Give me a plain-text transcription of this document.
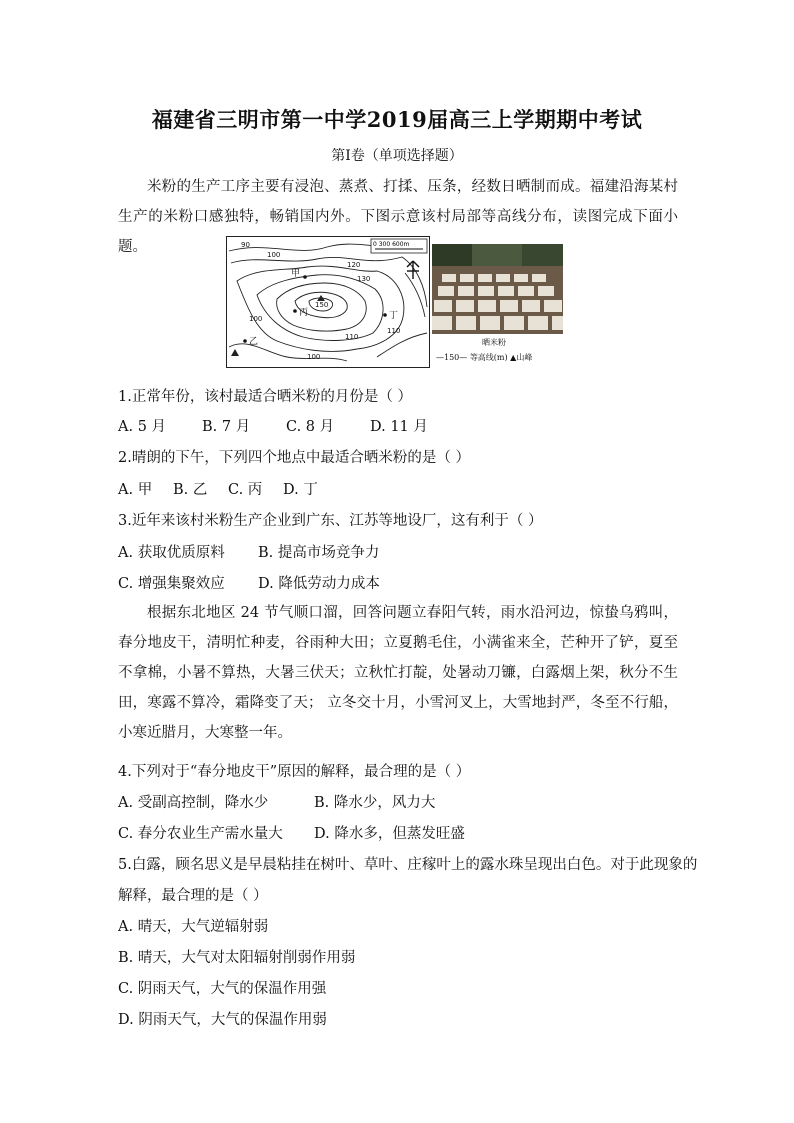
福建省三明市第一中学2019届高三上学期期中考试
第Ⅰ卷（单项选择题）
米粉的生产工序主要有浸泡、蒸煮、打揉、压条，经数日晒制而成。福建沿海某村生产的米粉口感独特，畅销国内外。下图示意该村局部等高线分布，读图完成下面小题。	90
100
120
130
150
110
100
100
110
甲
乙
丙	丁
0 300 600m
晒米粉
—150— 等高线(m) ▲山峰
1.正常年份，该村最适合晒米粉的月份是（ ）
A. 5 月 B. 7 月 C. 8 月 D. 11 月
2.晴朗的下午，下列四个地点中最适合晒米粉的是（ ）
A. 甲 B. 乙 C. 丙 D. 丁
3.近年来该村米粉生产企业到广东、江苏等地设厂，这有利于（ ）
A. 获取优质原料 B. 提高市场竞争力
C. 增强集聚效应 D. 降低劳动力成本
根据东北地区 24 节气顺口溜，回答问题立春阳气转，雨水沿河边，惊蛰乌鸦叫，春分地皮干，清明忙种麦，谷雨种大田；立夏鹅毛住，小满雀来全，芒种开了铲，夏至不拿棉，小暑不算热，大暑三伏天；立秋忙打靛，处暑动刀镰，白露烟上架，秋分不生田，寒露不算冷，霜降变了天； 立冬交十月，小雪河叉上，大雪地封严，冬至不行船，小寒近腊月，大寒整一年。
4.下列对于“春分地皮干”原因的解释，最合理的是（ ）
A. 受副高控制，降水少	B. 降水少，风力大
C. 春分农业生产需水量大 D. 降水多，但蒸发旺盛
5.白露，顾名思义是早晨粘挂在树叶、草叶、庄稼叶上的露水珠呈现出白色。对于此现象的
解释，最合理的是（ ）
A. 晴天，大气逆辐射弱
B. 晴天，大气对太阳辐射削弱作用弱
C. 阴雨天气，大气的保温作用强
D. 阴雨天气，大气的保温作用弱
